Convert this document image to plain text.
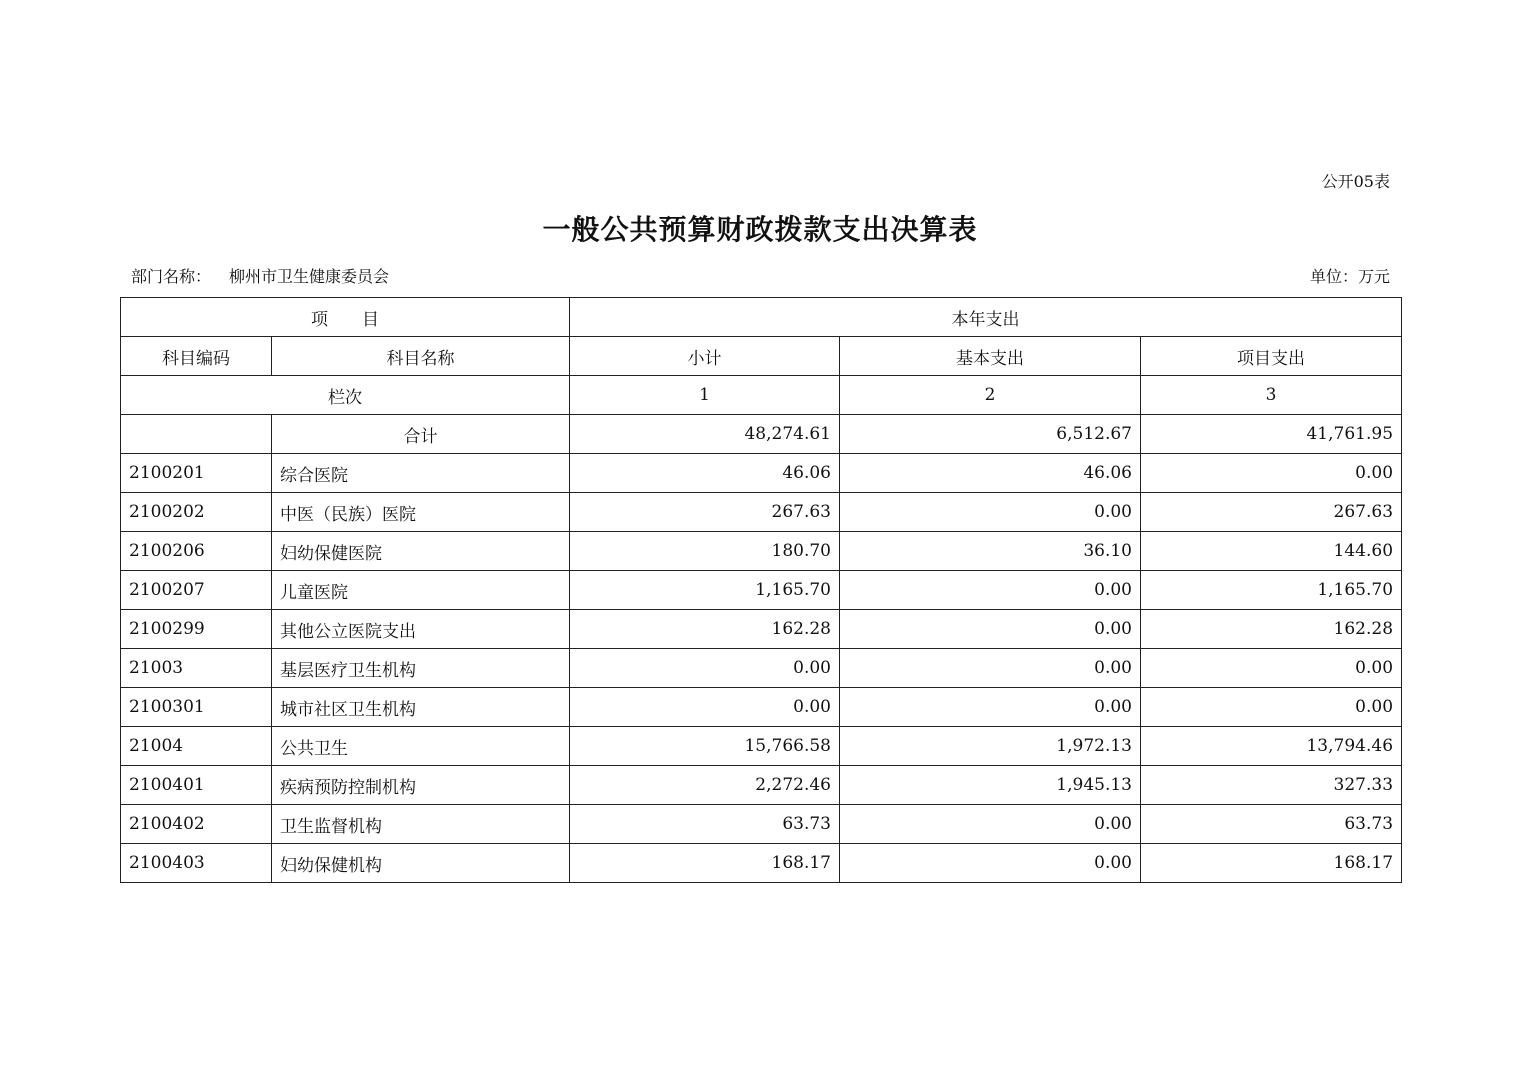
公开05表
一般公共预算财政拨款支出决算表
部门名称： 柳州市卫生健康委员会	单位：万元
项　　目		本年支出		
科目编码	科目名称	小计	基本支出	项目支出
栏次		1	2	3
	合计	48,274.61	6,512.67	41,761.95
2100201	综合医院	46.06	46.06	0.00
2100202	中医（民族）医院	267.63	0.00	267.63
2100206	妇幼保健医院	180.70	36.10	144.60
2100207	儿童医院	1,165.70	0.00	1,165.70
2100299	其他公立医院支出	162.28	0.00	162.28
21003	基层医疗卫生机构	0.00	0.00	0.00
2100301	城市社区卫生机构	0.00	0.00	0.00
21004	公共卫生	15,766.58	1,972.13	13,794.46
2100401	疾病预防控制机构	2,272.46	1,945.13	327.33
2100402	卫生监督机构	63.73	0.00	63.73
2100403	妇幼保健机构	168.17	0.00	168.17
